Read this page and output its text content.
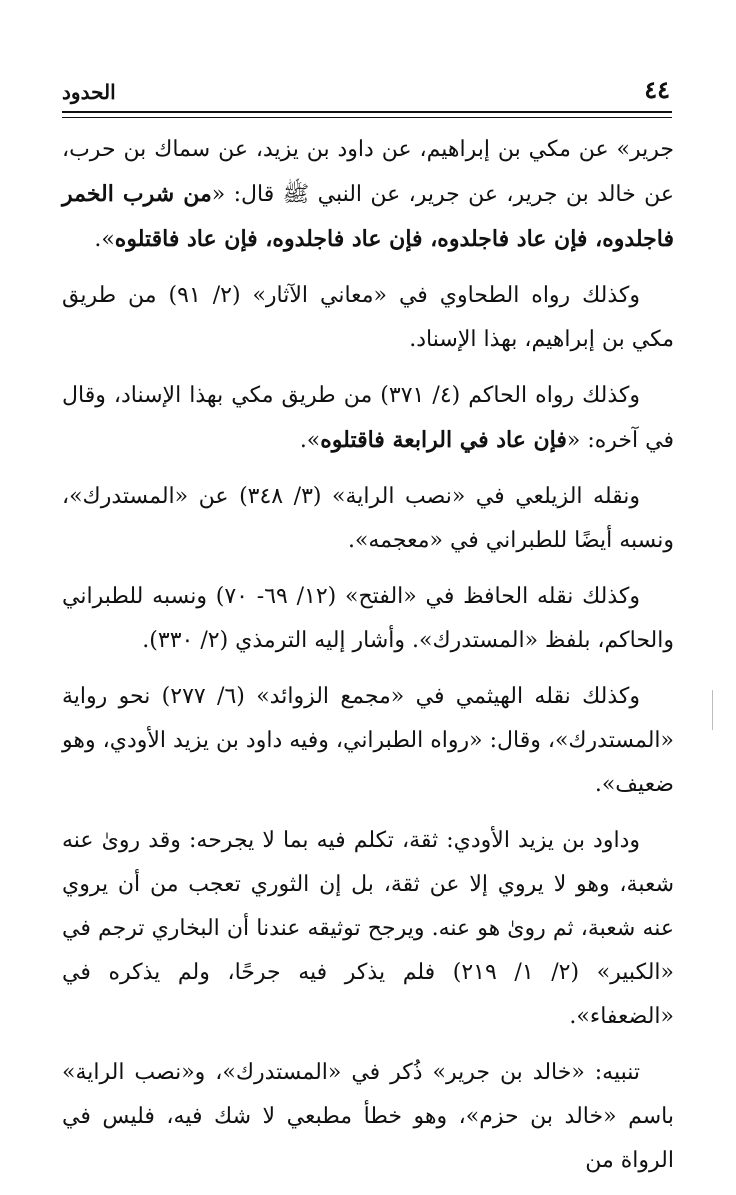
الحدود	٤٤

جرير» عن مكي بن إبراهيم، عن داود بن يزيد، عن سماك بن حرب، عن خالد بن جرير، عن جرير، عن النبي ﷺ قال: «من شرب الخمر فاجلدوه، فإن عاد فاجلدوه، فإن عاد فاجلدوه، فإن عاد فاقتلوه».

وكذلك رواه الطحاوي في «معاني الآثار» (٢/ ٩١) من طريق مكي بن إبراهيم، بهذا الإسناد.

وكذلك رواه الحاكم (٤/ ٣٧١) من طريق مكي بهذا الإسناد، وقال في آخره: «فإن عاد في الرابعة فاقتلوه».

ونقله الزيلعي في «نصب الراية» (٣/ ٣٤٨) عن «المستدرك»، ونسبه أيضًا للطبراني في «معجمه».

وكذلك نقله الحافظ في «الفتح» (١٢/ ٦٩- ٧٠) ونسبه للطبراني والحاكم، بلفظ «المستدرك». وأشار إليه الترمذي (٢/ ٣٣٠).

وكذلك نقله الهيثمي في «مجمع الزوائد» (٦/ ٢٧٧) نحو رواية «المستدرك»، وقال: «رواه الطبراني، وفيه داود بن يزيد الأودي، وهو ضعيف».

وداود بن يزيد الأودي: ثقة، تكلم فيه بما لا يجرحه: وقد روىٰ عنه شعبة، وهو لا يروي إلا عن ثقة، بل إن الثوري تعجب من أن يروي عنه شعبة، ثم روىٰ هو عنه. ويرجح توثيقه عندنا أن البخاري ترجم في «الكبير» (٢/ ١/ ٢١٩) فلم يذكر فيه جرحًا، ولم يذكره في «الضعفاء».

تنبيه: «خالد بن جرير» ذُكر في «المستدرك»، و«نصب الراية» باسم «خالد بن حزم»، وهو خطأ مطبعي لا شك فيه، فليس في الرواة من
